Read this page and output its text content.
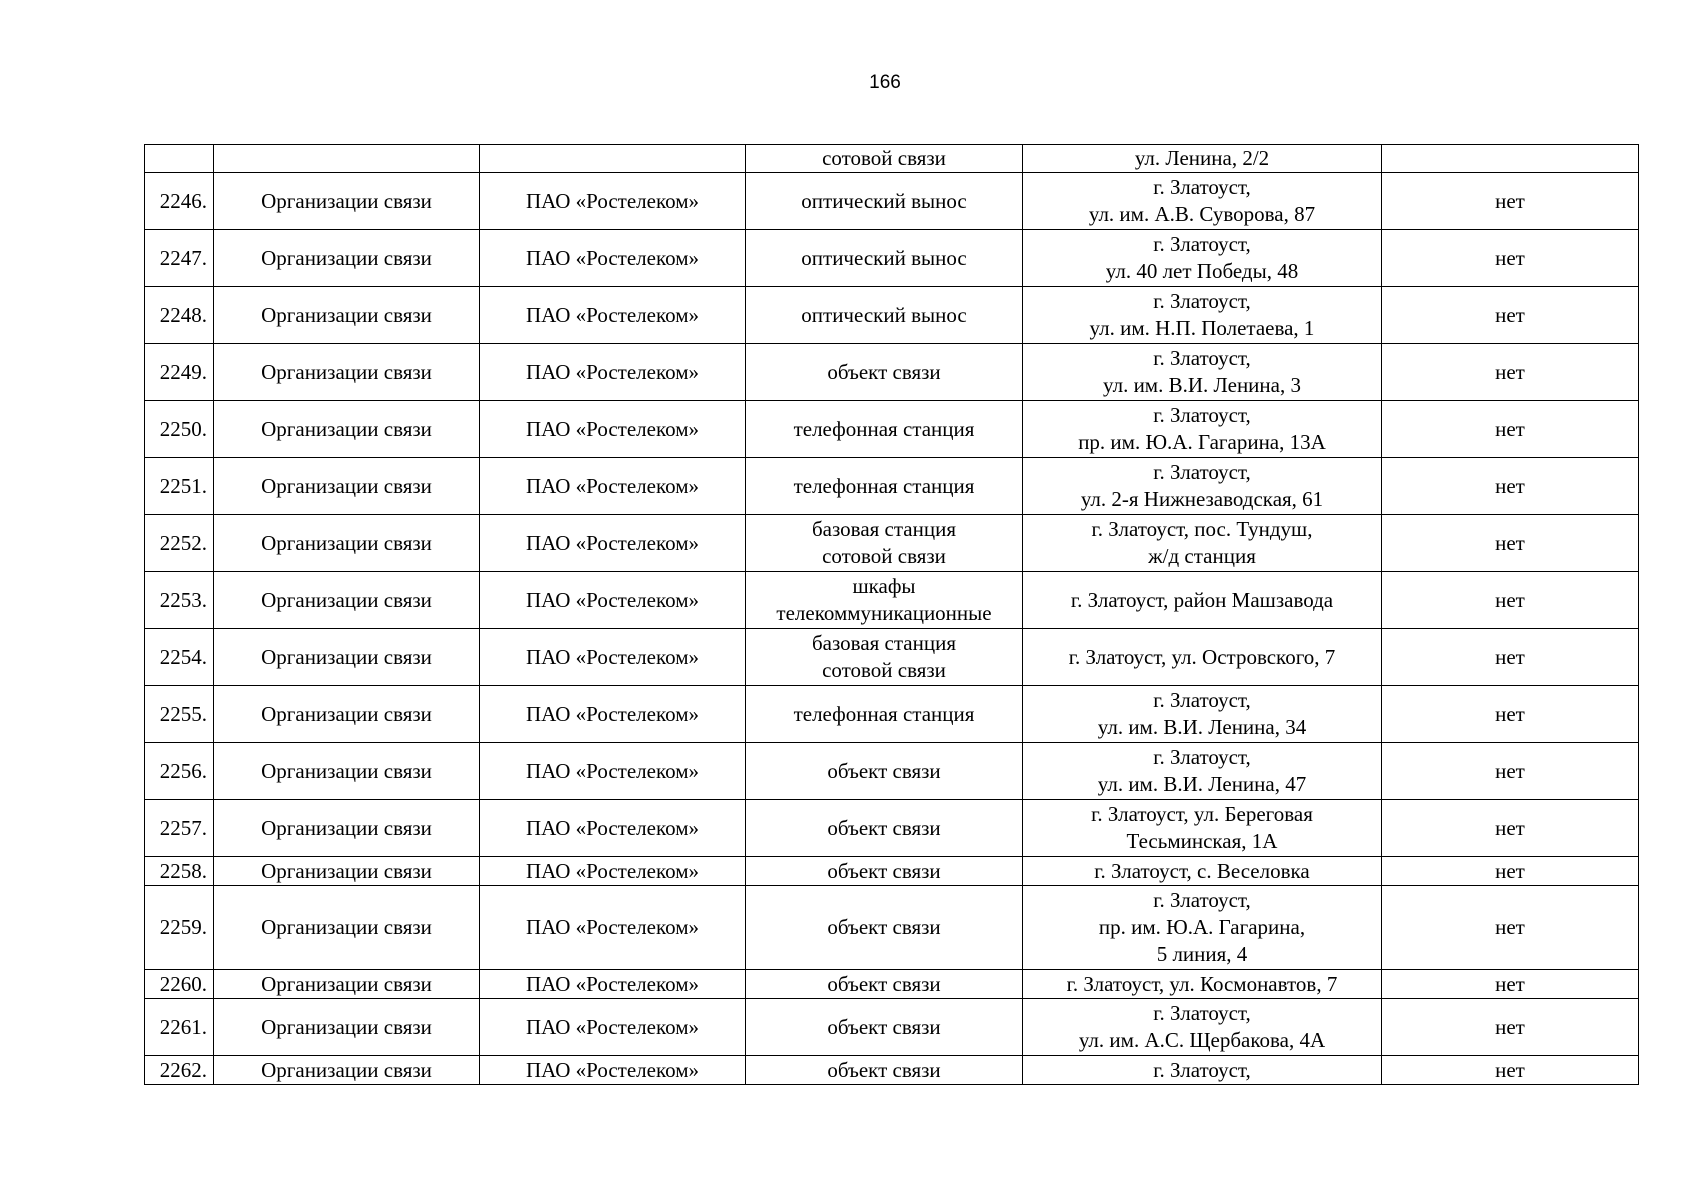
166
			сотовой связи	ул. Ленина, 2/2	
2246.	Организации связи	ПАО «Ростелеком»	оптический вынос	г. Златоуст,
ул. им. А.В. Суворова, 87	нет
2247.	Организации связи	ПАО «Ростелеком»	оптический вынос	г. Златоуст,
ул. 40 лет Победы, 48	нет
2248.	Организации связи	ПАО «Ростелеком»	оптический вынос	г. Златоуст,
ул. им. Н.П. Полетаева, 1	нет
2249.	Организации связи	ПАО «Ростелеком»	объект связи	г. Златоуст,
ул. им. В.И. Ленина, 3	нет
2250.	Организации связи	ПАО «Ростелеком»	телефонная станция	г. Златоуст,
пр. им. Ю.А. Гагарина, 13А	нет
2251.	Организации связи	ПАО «Ростелеком»	телефонная станция	г. Златоуст,
ул. 2-я Нижнезаводская, 61	нет
2252.	Организации связи	ПАО «Ростелеком»	базовая станция
сотовой связи	г. Златоуст, пос. Тундуш,
ж/д станция	нет
2253.	Организации связи	ПАО «Ростелеком»	шкафы
телекоммуникационные	г. Златоуст, район Машзавода	нет
2254.	Организации связи	ПАО «Ростелеком»	базовая станция
сотовой связи	г. Златоуст, ул. Островского, 7	нет
2255.	Организации связи	ПАО «Ростелеком»	телефонная станция	г. Златоуст,
ул. им. В.И. Ленина, 34	нет
2256.	Организации связи	ПАО «Ростелеком»	объект связи	г. Златоуст,
ул. им. В.И. Ленина, 47	нет
2257.	Организации связи	ПАО «Ростелеком»	объект связи	г. Златоуст, ул. Береговая
Тесьминская, 1А	нет
2258.	Организации связи	ПАО «Ростелеком»	объект связи	г. Златоуст, с. Веселовка	нет
2259.	Организации связи	ПАО «Ростелеком»	объект связи	г. Златоуст,
пр. им. Ю.А. Гагарина,
5 линия, 4	нет
2260.	Организации связи	ПАО «Ростелеком»	объект связи	г. Златоуст, ул. Космонавтов, 7	нет
2261.	Организации связи	ПАО «Ростелеком»	объект связи	г. Златоуст,
ул. им. А.С. Щербакова, 4А	нет
2262.	Организации связи	ПАО «Ростелеком»	объект связи	г. Златоуст,	нет
